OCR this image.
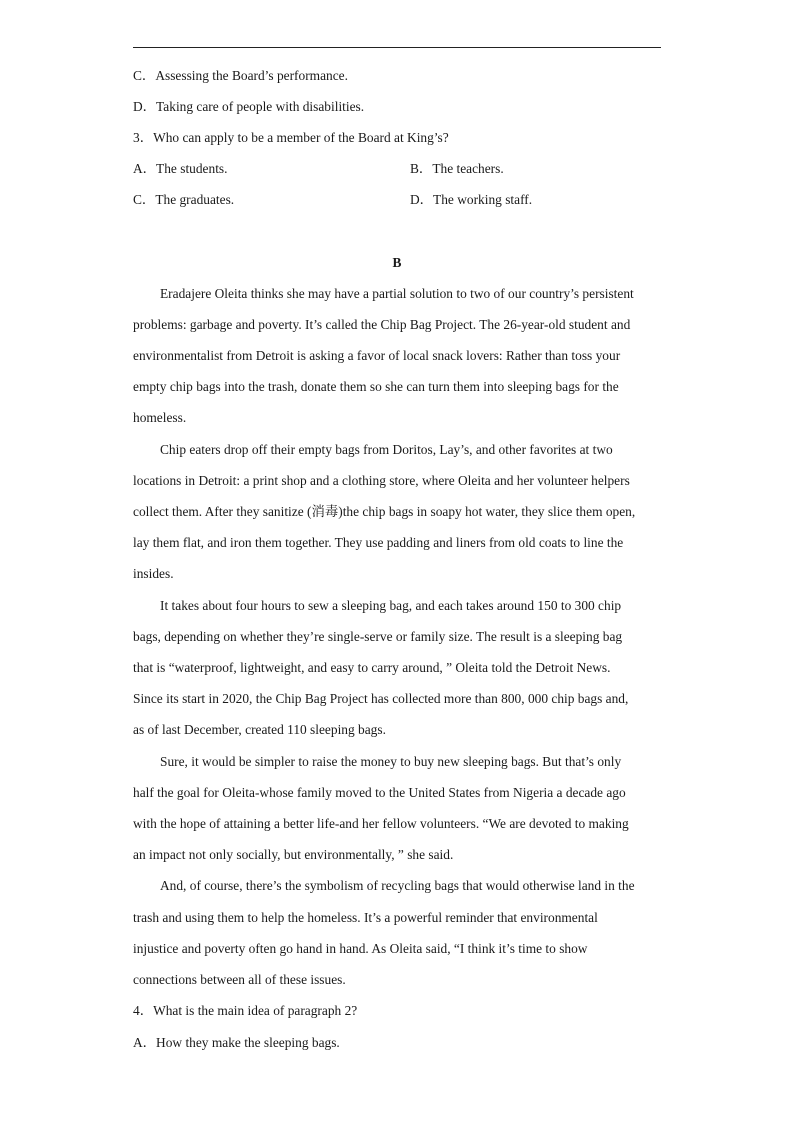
C．Assessing the Board’s performance.
D．Taking care of people with disabilities.
3．Who can apply to be a member of the Board at King’s?
A．The students.	B．The teachers.
C．The graduates.	D．The working staff.
B
Eradajere Oleita thinks she may have a partial solution to two of our country’s persistent
problems: garbage and poverty. It’s called the Chip Bag Project. The 26-year-old student and
environmentalist from Detroit is asking a favor of local snack lovers: Rather than toss your
empty chip bags into the trash, donate them so she can turn them into sleeping bags for the
homeless.
Chip eaters drop off their empty bags from Doritos, Lay’s, and other favorites at two
locations in Detroit: a print shop and a clothing store, where Oleita and her volunteer helpers
collect them. After they sanitize (消毒)the chip bags in soapy hot water, they slice them open,
lay them flat, and iron them together. They use padding and liners from old coats to line the
insides.
It takes about four hours to sew a sleeping bag, and each takes around 150 to 300 chip
bags, depending on whether they’re single-serve or family size. The result is a sleeping bag
that is “waterproof, lightweight, and easy to carry around, ” Oleita told the Detroit News.
Since its start in 2020, the Chip Bag Project has collected more than 800, 000 chip bags and,
as of last December, created 110 sleeping bags.
Sure, it would be simpler to raise the money to buy new sleeping bags. But that’s only
half the goal for Oleita-whose family moved to the United States from Nigeria a decade ago
with the hope of attaining a better life-and her fellow volunteers. “We are devoted to making
an impact not only socially, but environmentally, ” she said.
And, of course, there’s the symbolism of recycling bags that would otherwise land in the
trash and using them to help the homeless. It’s a powerful reminder that environmental
injustice and poverty often go hand in hand. As Oleita said, “I think it’s time to show
connections between all of these issues.
4．What is the main idea of paragraph 2?
A．How they make the sleeping bags.
